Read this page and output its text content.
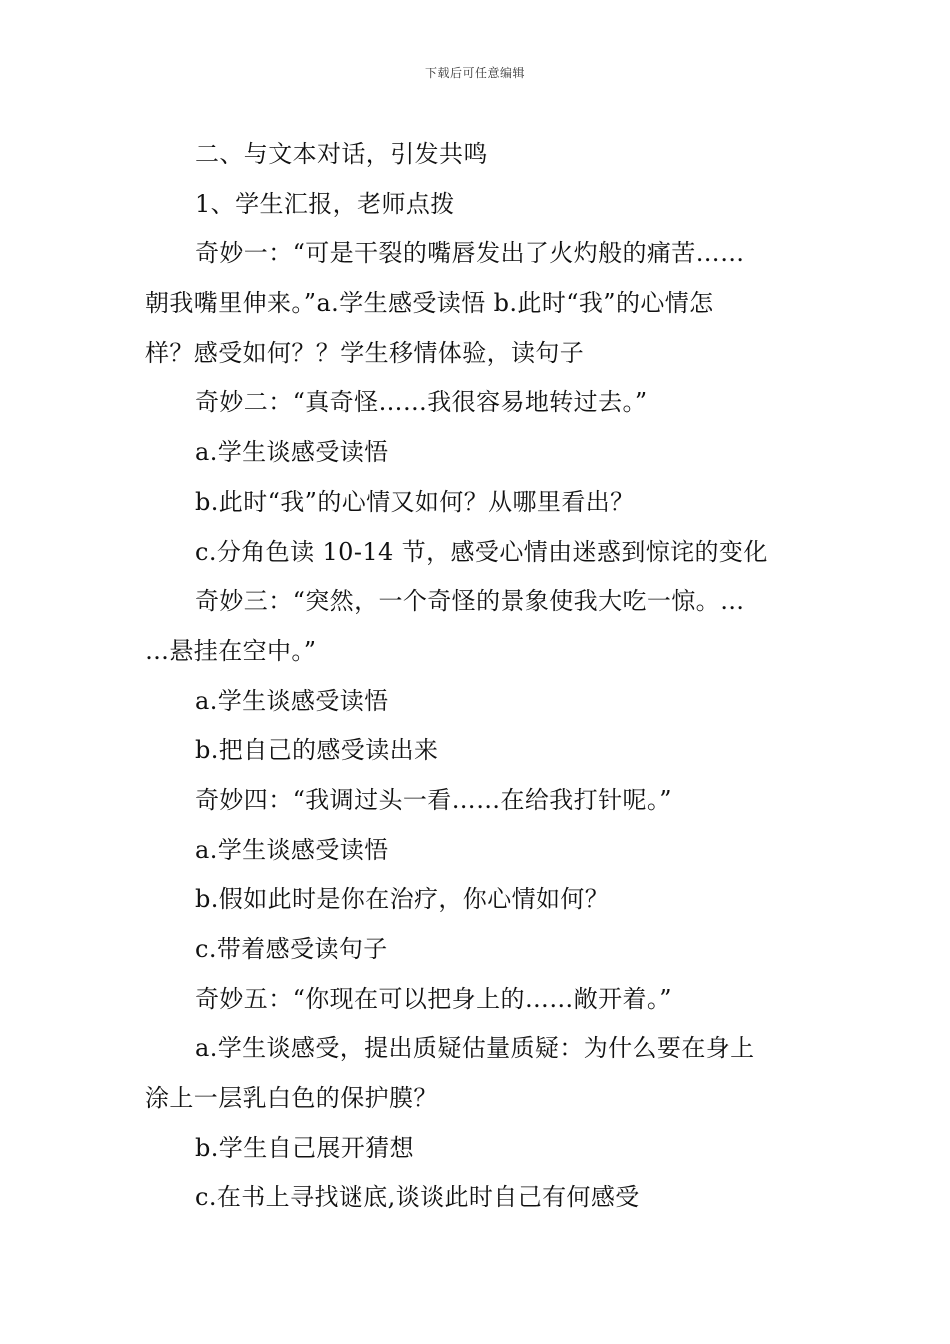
下载后可任意编辑
二、与文本对话，引发共鸣
1、学生汇报，老师点拨
奇妙一：“可是干裂的嘴唇发出了火灼般的痛苦……
朝我嘴里伸来。”a.学生感受读悟 b.此时“我”的心情怎
样？感受如何？？学生移情体验，读句子
奇妙二：“真奇怪……我很容易地转过去。”
a.学生谈感受读悟
b.此时“我”的心情又如何？从哪里看出？
c.分角色读 10-14 节，感受心情由迷惑到惊诧的变化
奇妙三：“突然，一个奇怪的景象使我大吃一惊。…
…悬挂在空中。”
a.学生谈感受读悟
b.把自己的感受读出来
奇妙四：“我调过头一看……在给我打针呢。”
a.学生谈感受读悟
b.假如此时是你在治疗，你心情如何？
c.带着感受读句子
奇妙五：“你现在可以把身上的……敞开着。”
a.学生谈感受，提出质疑估量质疑：为什么要在身上
涂上一层乳白色的保护膜？
b.学生自己展开猜想
c.在书上寻找谜底,谈谈此时自己有何感受
